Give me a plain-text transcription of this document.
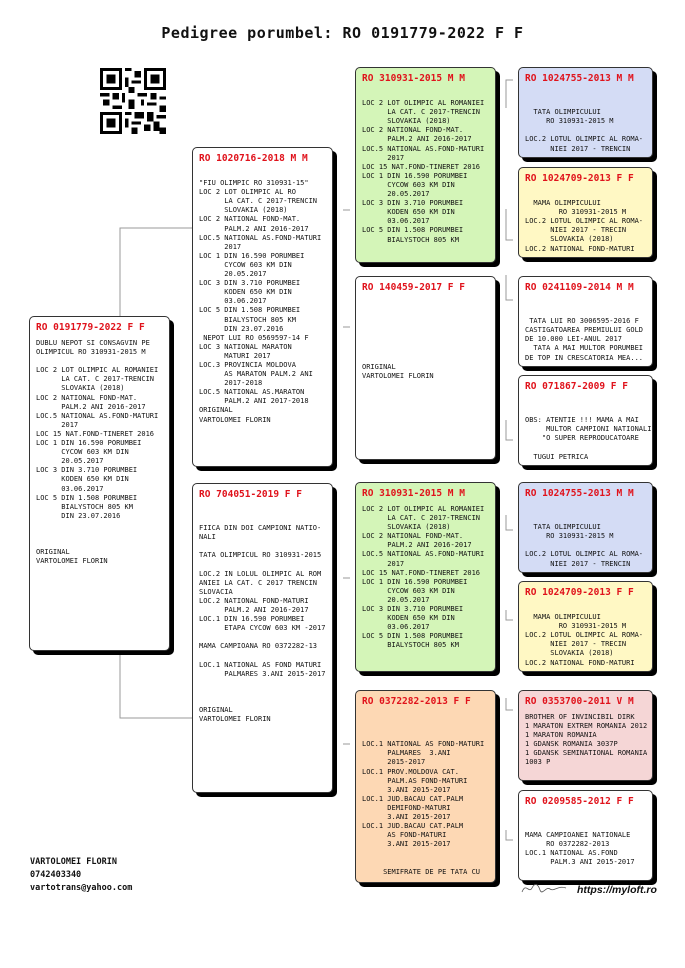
Pedigree porumbel: RO 0191779-2022 F F
RO 0191779-2022 F F
DUBLU NEPOT SI CONSAGVIN PE
OLIMPICUL RO 310931-2015 M

LOC 2 LOT OLIMPIC AL ROMANIEI
LA CAT. C 2017-TRENCIN
SLOVAKIA (2018)
LOC 2 NATIONAL FOND-MAT.
PALM.2 ANI 2016-2017
LOC.5 NATIONAL AS.FOND-MATURI
2017
LOC 15 NAT.FOND-TINERET 2016
LOC 1 DIN 16.590 PORUMBEI
CYCOW 603 KM DIN
20.05.2017
LOC 3 DIN 3.710 PORUMBEI
KODEN 650 KM DIN
03.06.2017
LOC 5 DIN 1.508 PORUMBEI
BIALYSTOCH 805 KM
DIN 23.07.2016

ORIGINAL
VARTOLOMEI FLORIN
RO 1020716-2018 M M

"FIU OLIMPIC RO 310931-15"
LOC 2 LOT OLIMPIC AL RO
LA CAT. C 2017-TRENCIN
SLOVAKIA (2018)
LOC 2 NATIONAL FOND-MAT.
PALM.2 ANI 2016-2017
LOC.5 NATIONAL AS.FOND-MATURI
2017
LOC 1 DIN 16.590 PORUMBEI
CYCOW 603 KM DIN
20.05.2017
LOC 3 DIN 3.710 PORUMBEI
KODEN 650 KM DIN
03.06.2017
LOC 5 DIN 1.508 PORUMBEI
BIALYSTOCH 805 KM
DIN 23.07.2016
NEPOT LUI RO 0569597-14 F
LOC 3 NATIONAL MARATON
MATURI 2017
LOC.3 PROVINCIA MOLDOVA
AS MARATON PALM.2 ANI
2017-2018
LOC.5 NATIONAL AS.MARATON
PALM.2 ANI 2017-2018
ORIGINAL
VARTOLOMEI FLORIN
RO 704051-2019 F F

FIICA DIN DOI CAMPIONI NATIO-
NALI

TATA OLIMPICUL RO 310931-2015

LOC.2 IN LOLUL OLIMPIC AL ROM
ANIEI LA CAT. C 2017 TRENCIN
SLOVACIA
LOC.2 NATIONAL FOND-MATURI
PALM.2 ANI 2016-2017
LOC.1 DIN 16.590 PORUMBEI
ETAPA CYCOW 603 KM -2017

MAMA CAMPIOANA RO 0372282-13

LOC.1 NATIONAL AS FOND MATURI
PALMARES 3.ANI 2015-2017

ORIGINAL
VARTOLOMEI FLORIN
RO 310931-2015 M M

LOC 2 LOT OLIMPIC AL ROMANIEI
LA CAT. C 2017-TRENCIN
SLOVAKIA (2018)
LOC 2 NATIONAL FOND-MAT.
PALM.2 ANI 2016-2017
LOC.5 NATIONAL AS.FOND-MATURI
2017
LOC 15 NAT.FOND-TINERET 2016
LOC 1 DIN 16.590 PORUMBEI
CYCOW 603 KM DIN
20.05.2017
LOC 3 DIN 3.710 PORUMBEI
KODEN 650 KM DIN
03.06.2017
LOC 5 DIN 1.508 PORUMBEI
BIALYSTOCH 805 KM
RO 140459-2017 F F

ORIGINAL
VARTOLOMEI FLORIN
RO 310931-2015 M M
LOC 2 LOT OLIMPIC AL ROMANIEI
LA CAT. C 2017-TRENCIN
SLOVAKIA (2018)
LOC 2 NATIONAL FOND-MAT.
PALM.2 ANI 2016-2017
LOC.5 NATIONAL AS.FOND-MATURI
2017
LOC 15 NAT.FOND-TINERET 2016
LOC 1 DIN 16.590 PORUMBEI
CYCOW 603 KM DIN
20.05.2017
LOC 3 DIN 3.710 PORUMBEI
KODEN 650 KM DIN
03.06.2017
LOC 5 DIN 1.508 PORUMBEI
BIALYSTOCH 805 KM
RO 0372282-2013 F F

LOC.1 NATIONAL AS FOND-MATURI
PALMARES  3.ANI
2015-2017
LOC.1 PROV.MOLDOVA CAT.
PALM.AS FOND-MATURI
3.ANI 2015-2017
LOC.1 JUD.BACAU CAT.PALM
DEMIFOND-MATURI
3.ANI 2015-2017
LOC.1 JUD.BACAU CAT.PALM
AS FOND-MATURI
3.ANI 2015-2017

SEMIFRATE DE PE TATA CU
RO 1024755-2013 M M

TATA OLIMPICULUI
RO 310931-2015 M

LOC.2 LOTUL OLIMPIC AL ROMA-
NIEI 2017 - TRENCIN
RO 1024709-2013 F F

MAMA OLIMPICULUI
RO 310931-2015 M
LOC.2 LOTUL OLIMPIC AL ROMA-
NIEI 2017 - TRECIN
SLOVAKIA (2018)
LOC.2 NATIONAL FOND-MATURI
RO 0241109-2014 M M

TATA LUI RO 3006595-2016 F
CASTIGATOAREA PREMIULUI GOLD
DE 10.000 LEI-ANUL 2017
TATA A MAI MULTOR PORUMBEI
DE TOP IN CRESCATORIA MEA...
RO 071867-2009 F F

OBS: ATENTIE !!! MAMA A MAI
MULTOR CAMPIONI NATIONALI
"O SUPER REPRODUCATOARE

TUGUI PETRICA
RO 1024755-2013 M M

TATA OLIMPICULUI
RO 310931-2015 M

LOC.2 LOTUL OLIMPIC AL ROMA-
NIEI 2017 - TRENCIN
RO 1024709-2013 F F

MAMA OLIMPICULUI
RO 310931-2015 M
LOC.2 LOTUL OLIMPIC AL ROMA-
NIEI 2017 - TRECIN
SLOVAKIA (2018)
LOC.2 NATIONAL FOND-MATURI
RO 0353700-2011 V M
BROTHER OF INVINCIBIL DIRK
1 MARATON EXTREM ROMANIA 2012
1 MARATON ROMANIA
1 GDANSK ROMANIA 3037P
1 GDANSK SEMINATIONAL ROMANIA
1003 P
RO 0209585-2012 F F

MAMA CAMPIOANEI NATIONALE
RO 0372282-2013
LOC.1 NATIONAL AS.FOND
PALM.3 ANI 2015-2017
VARTOLOMEI FLORIN
0742403340
vartotrans@yahoo.com	https://myloft.ro
